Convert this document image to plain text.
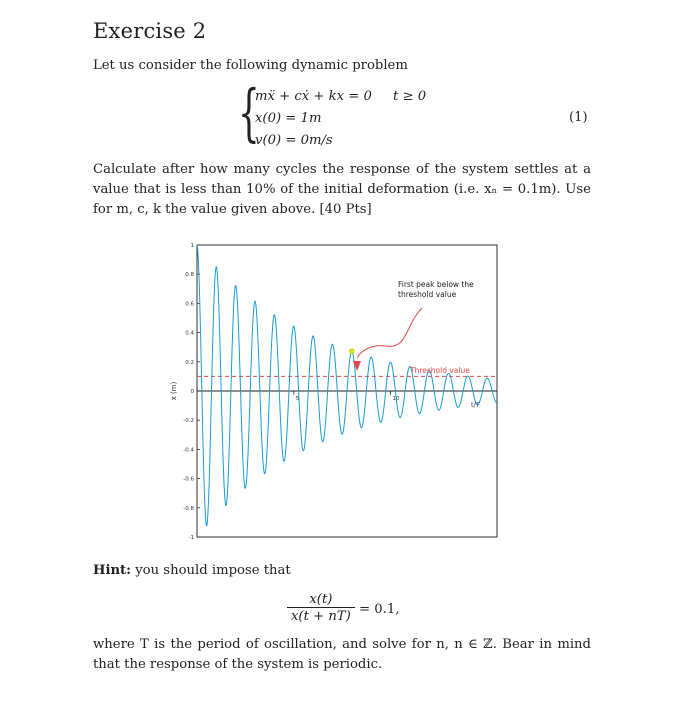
Exercise 2
Let us consider the following dynamic problem
{
mẍ + cẋ + kx = 0 t ≥ 0
x(0) = 1m
v(0) = 0m/s
(1)
Calculate after how many cycles the response of the system settles at a value that is less than 10% of the initial deformation (i.e. xₙ = 0.1m). Use for m, c, k the value given above. [40 Pts]
1
0.8
0.6
0.4
0.2
0
-0.2
-0.4
-0.6
-0.8
-1
5	10
First peak below the
threshold value
Threshold value
t/T
x (m)
Hint: you should impose that
$\frac{x(t)}{x(t + nT)} = 0.1$,
where T is the period of oscillation, and solve for n, n ∈ ℤ. Bear in mind that the response of the system is periodic.
